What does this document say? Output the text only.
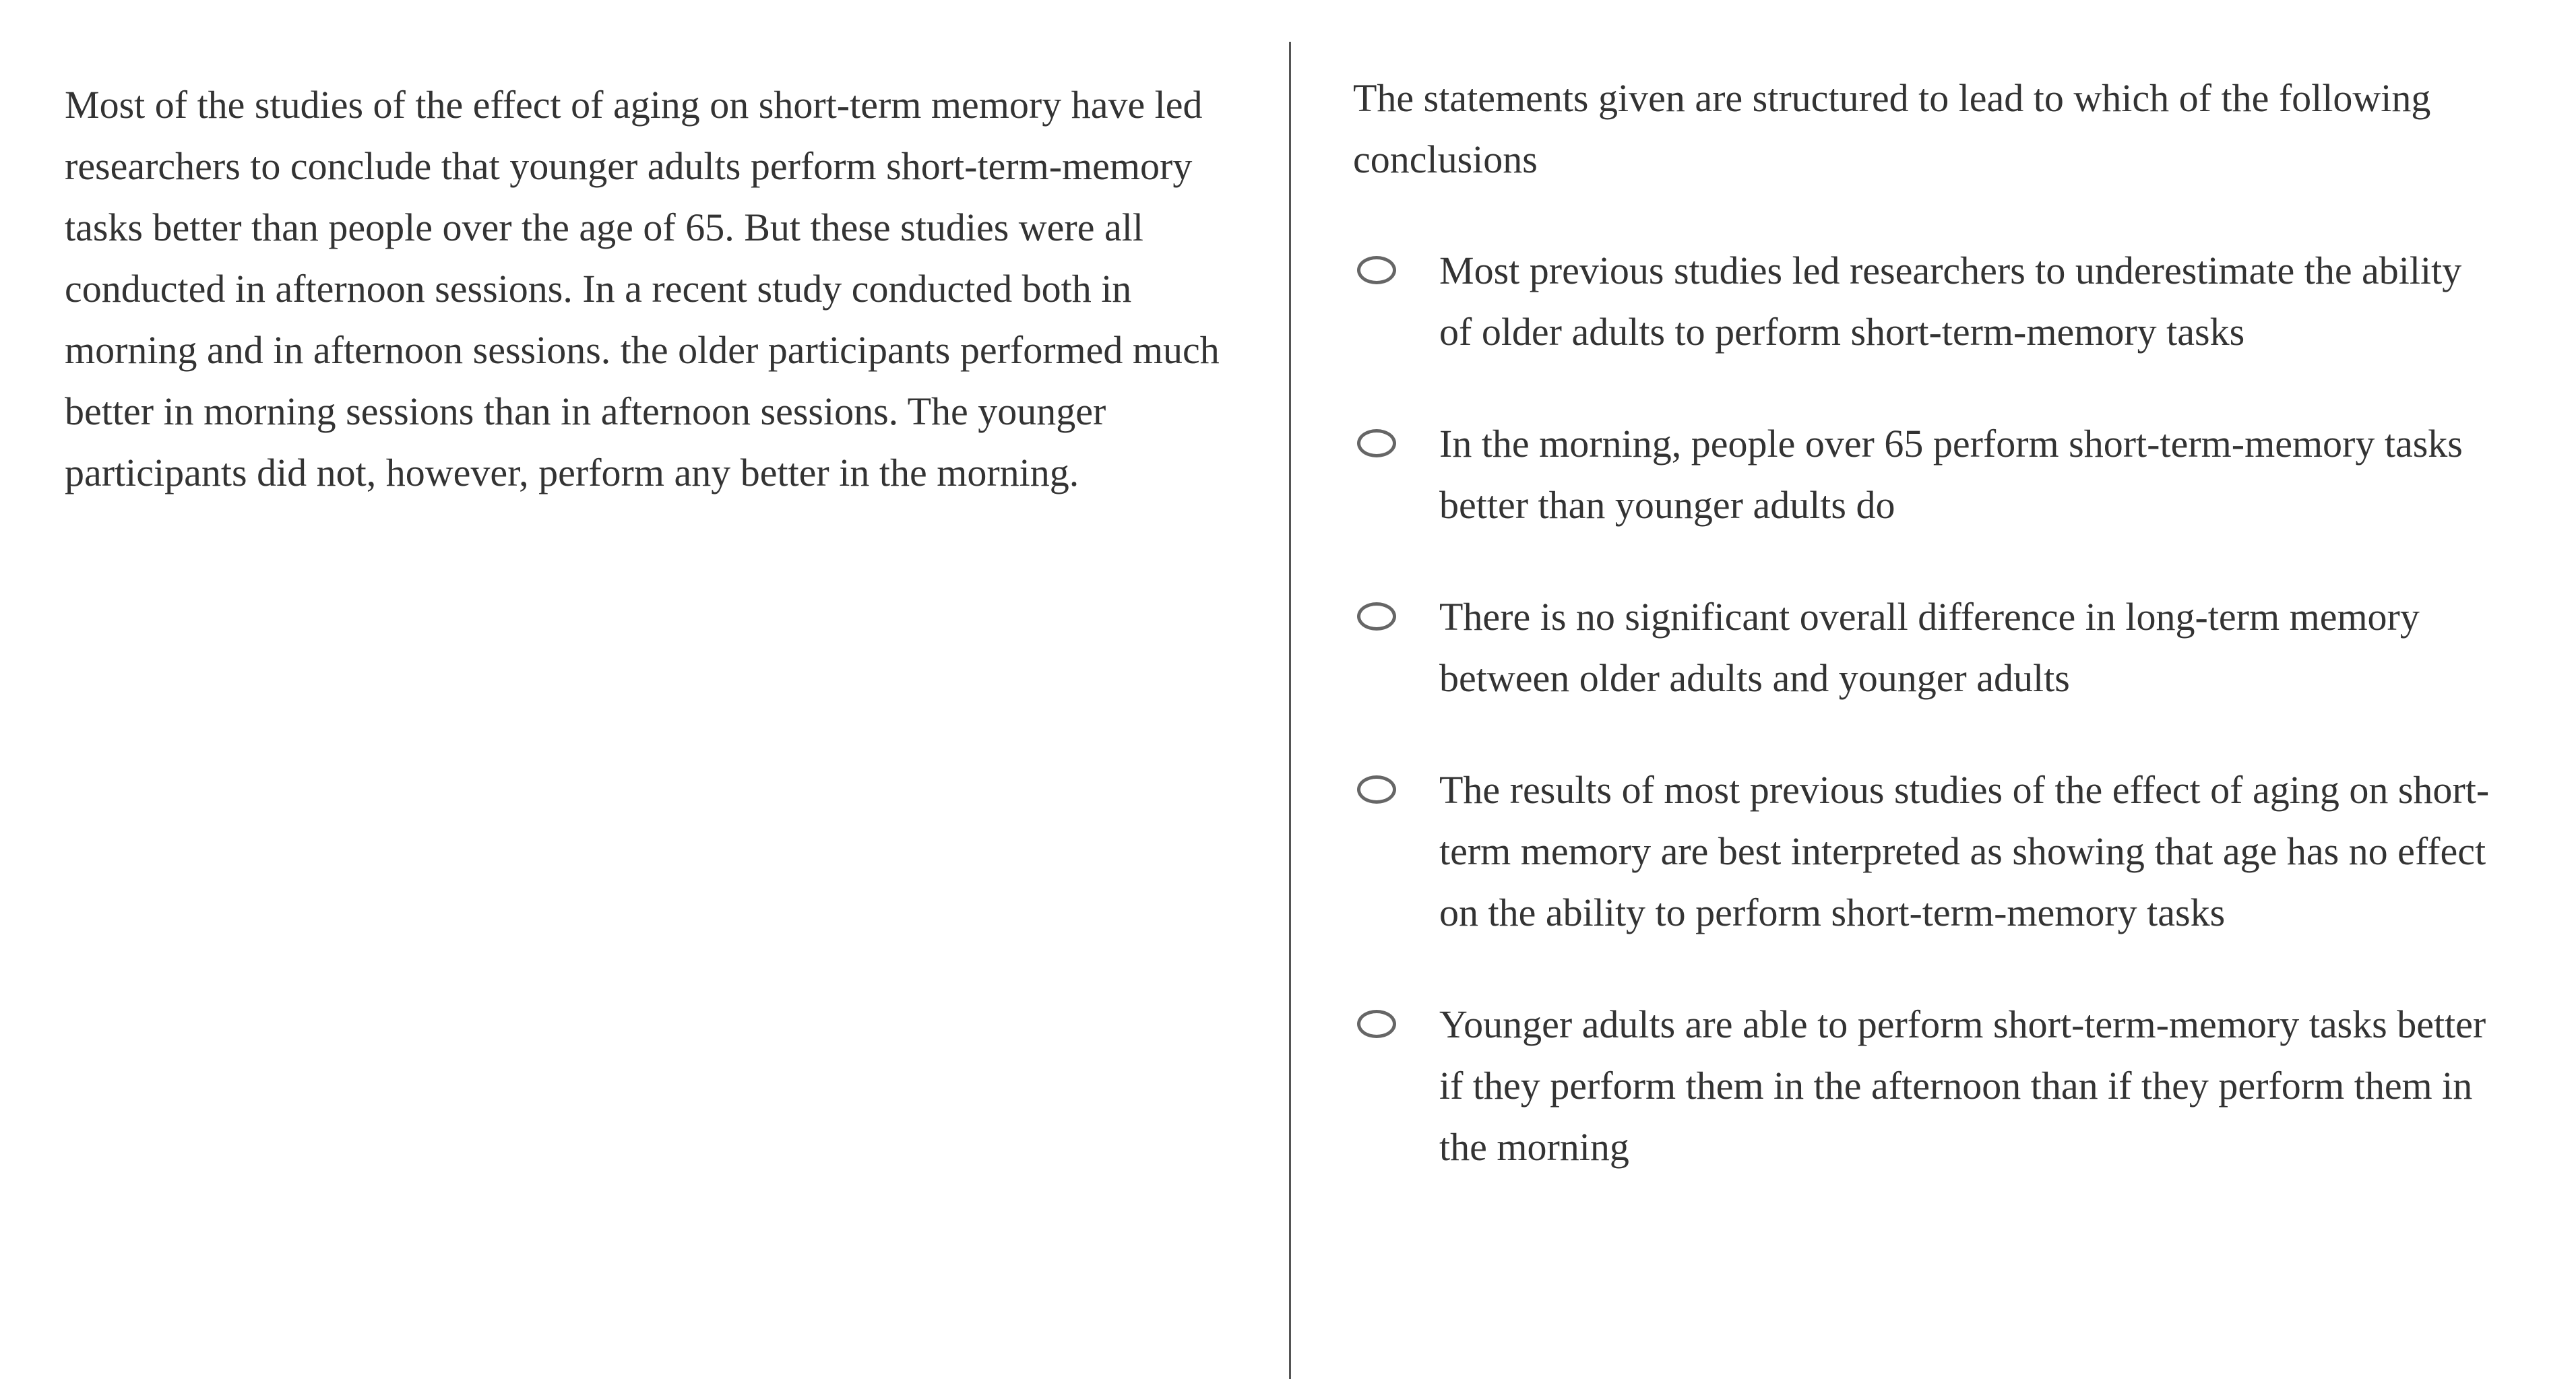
Most of the studies of the effect of aging on short-term memory have led researchers to conclude that younger adults perform short-term-memory tasks better than people over the age of 65. But these studies were all conducted in afternoon sessions. In a recent study conducted both in morning and in afternoon sessions. the older participants performed much better in morning sessions than in afternoon sessions. The younger participants did not, however, perform any better in the morning.

The statements given are structured to lead to which of the following conclusions

Most previous studies led researchers to underestimate the ability of older adults to perform short-term-memory tasks
In the morning, people over 65 perform short-term-memory tasks better than younger adults do
There is no significant overall difference in long-term memory between older adults and younger adults
The results of most previous studies of the effect of aging on short-term memory are best interpreted as showing that age has no effect on the ability to perform short-term-memory tasks
Younger adults are able to perform short-term-memory tasks better if they perform them in the afternoon than if they perform them in the morning
